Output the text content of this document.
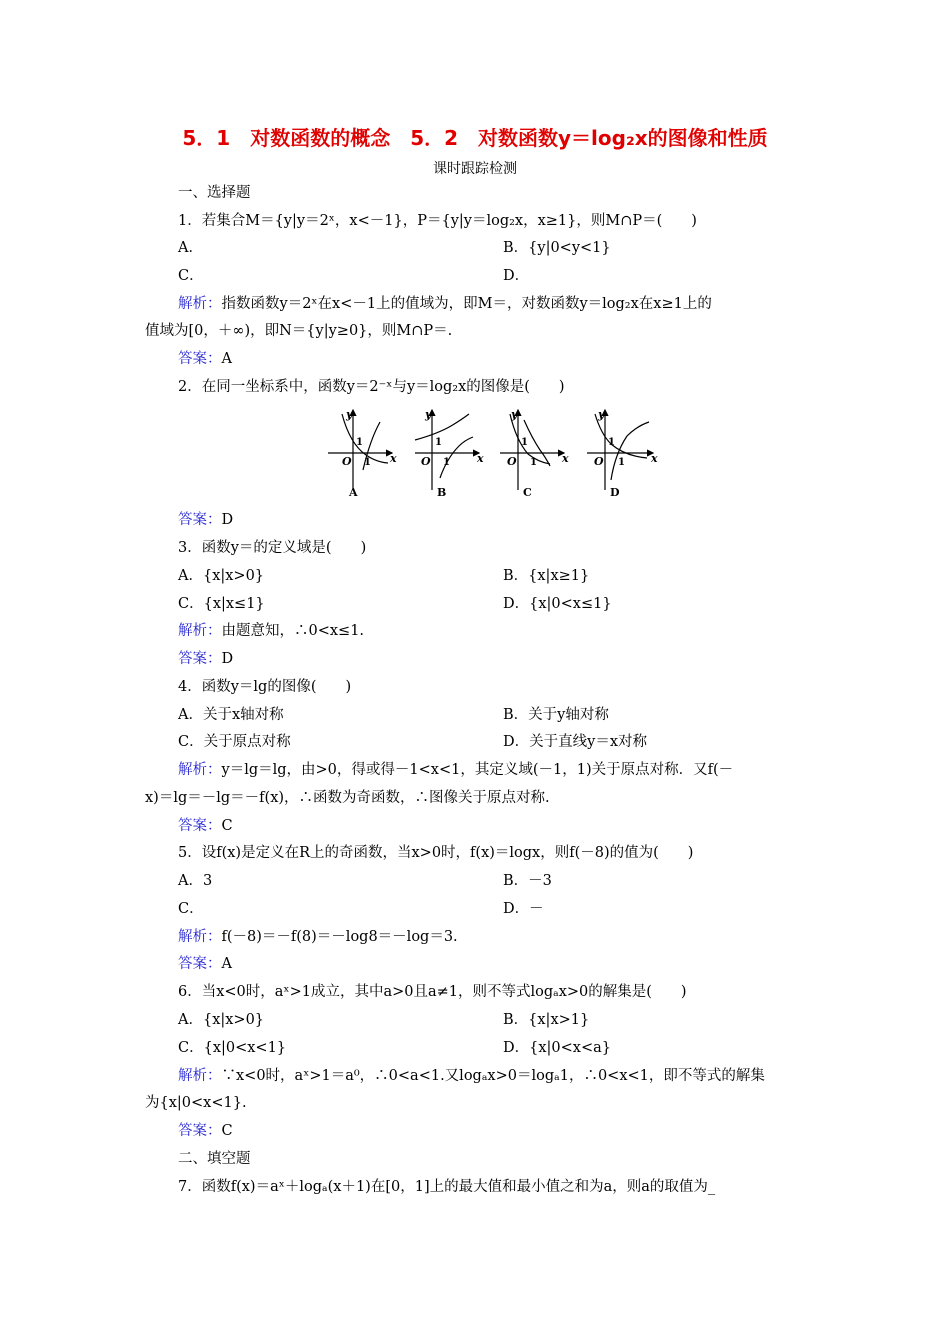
5．1　对数函数的概念　5．2　对数函数y＝log₂x的图像和性质
课时跟踪检测
一、选择题
1．若集合M＝{y|y＝2ˣ，x<－1}，P＝{y|y＝log₂x，x≥1}，则M∩P＝(　　)
A．	B．{y|0<y<1}
C．	D．
解析：指数函数y＝2ˣ在x<－1上的值域为，即M＝，对数函数y＝log₂x在x≥1上的
值域为[0，＋∞)，即N＝{y|y≥0}，则M∩P＝.
答案：A
2．在同一坐标系中，函数y＝2⁻ˣ与y＝log₂x的图像是(　　)
y
x
O
1
1
A
y
x
O
1
1
B
y
x
O
1
1
C
y
x
O
1
1
D
答案：D
3．函数y＝的定义域是(　　)
A．{x|x>0}	B．{x|x≥1}
C．{x|x≤1}	D．{x|0<x≤1}
解析：由题意知，∴0<x≤1.
答案：D
4．函数y＝lg的图像(　　)
A．关于x轴对称	B．关于y轴对称
C．关于原点对称	D．关于直线y＝x对称
解析：y＝lg＝lg，由>0，得或得－1<x<1，其定义域(－1，1)关于原点对称．又f(－
x)＝lg＝－lg＝－f(x)，∴函数为奇函数，∴图像关于原点对称.
答案：C
5．设f(x)是定义在R上的奇函数，当x>0时，f(x)＝logx，则f(－8)的值为(　　)
A．3	B．－3
C．	D．－
解析：f(－8)＝－f(8)＝－log8＝－log＝3.
答案：A
6．当x<0时，aˣ>1成立，其中a>0且a≠1，则不等式logₐx>0的解集是(　　)
A．{x|x>0}	B．{x|x>1}
C．{x|0<x<1}	D．{x|0<x<a}
解析：∵x<0时，aˣ>1＝a⁰，∴0<a<1.又logₐx>0＝logₐ1，∴0<x<1，即不等式的解集
为{x|0<x<1}.
答案：C
二、填空题
7．函数f(x)＝aˣ＋logₐ(x＋1)在[0，1]上的最大值和最小值之和为a，则a的取值为_
